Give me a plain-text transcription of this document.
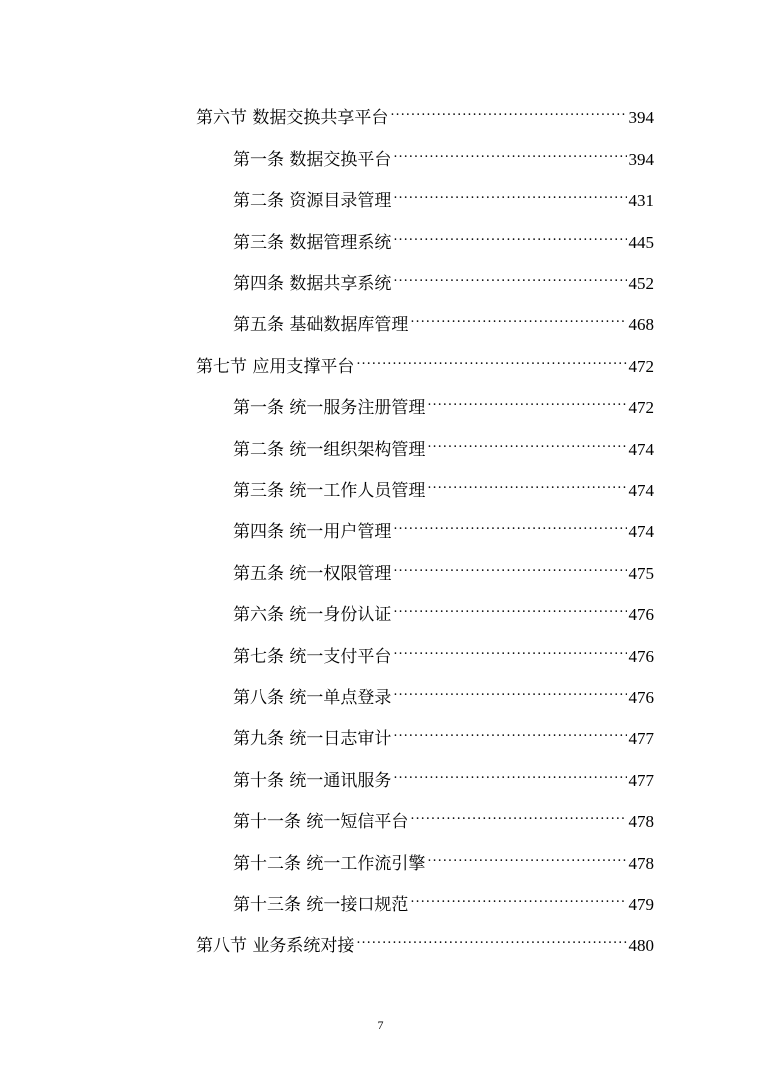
第六节 数据交换共享平台 .....	394
第一条 数据交换平台 .....	394
第二条 资源目录管理 .....	431
第三条 数据管理系统 .....	445
第四条 数据共享系统 .....	452
第五条 基础数据库管理 .....	468
第七节 应用支撑平台 .....	472
第一条 统一服务注册管理 .....	472
第二条 统一组织架构管理 .....	474
第三条 统一工作人员管理 .....	474
第四条 统一用户管理 .....	474
第五条 统一权限管理 .....	475
第六条 统一身份认证 .....	476
第七条 统一支付平台 .....	476
第八条 统一单点登录 .....	476
第九条 统一日志审计 .....	477
第十条 统一通讯服务 .....	477
第十一条 统一短信平台 .....	478
第十二条 统一工作流引擎 .....	478
第十三条 统一接口规范 .....	479
第八节 业务系统对接 .....	480
7
